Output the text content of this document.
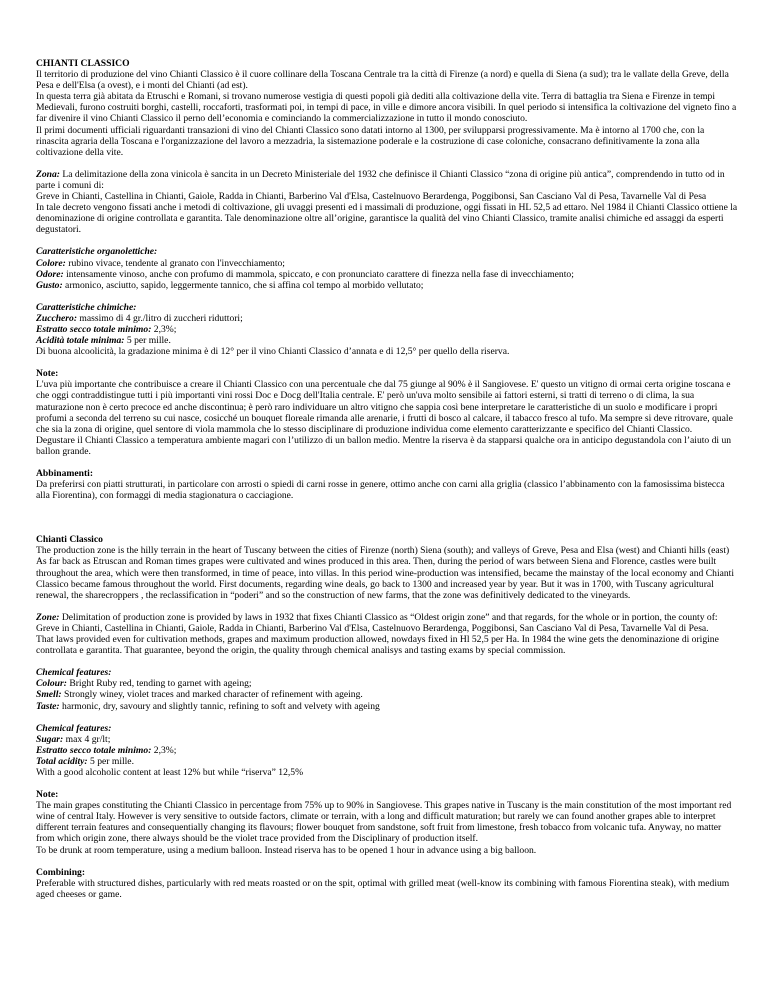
CHIANTI CLASSICO

Il territorio di produzione del vino Chianti Classico è il cuore collinare della Toscana Centrale tra la città di Firenze (a nord) e quella di Siena (a sud); tra le vallate della Greve, della Pesa e dell'Elsa (a ovest), e i monti del Chianti (ad est).

In questa terra già abitata da Etruschi e Romani, si trovano numerose vestigia di questi popoli già dediti alla coltivazione della vite. Terra di battaglia tra Siena e Firenze in tempi Medievali, furono costruiti borghi, castelli, roccaforti, trasformati poi, in tempi di pace, in ville e dimore ancora visibili. In quel periodo si intensifica la coltivazione del vigneto fino a far divenire il vino Chianti Classico il perno dell’economia e cominciando la commercializzazione in tutto il mondo conosciuto.

Il primi documenti ufficiali riguardanti transazioni di vino del Chianti Classico sono datati intorno al 1300, per svilupparsi progressivamente. Ma è intorno al 1700 che, con la rinascita agraria della Toscana e l'organizzazione del lavoro a mezzadria, la sistemazione poderale e la costruzione di case coloniche, consacrano definitivamente la zona alla coltivazione della vite.

Zona: La delimitazione della zona vinicola è sancita in un Decreto Ministeriale del 1932 che definisce il Chianti Classico “zona di origine più antica”, comprendendo in tutto od in parte i comuni di:

Greve in Chianti, Castellina in Chianti, Gaiole, Radda in Chianti, Barberino Val d'Elsa, Castelnuovo Berardenga, Poggibonsi, San Casciano Val di Pesa, Tavarnelle Val di Pesa

In tale decreto vengono fissati anche i metodi di coltivazione, gli uvaggi presenti ed i massimali di produzione, oggi fissati in HL 52,5 ad ettaro. Nel 1984 il Chianti Classico ottiene la denominazione di origine controllata e garantita. Tale denominazione oltre all’origine, garantisce la qualità del vino Chianti Classico, tramite analisi chimiche ed assaggi da esperti degustatori.

Caratteristiche organolettiche:

Colore: rubino vivace, tendente al granato con l'invecchiamento;

Odore: intensamente vinoso, anche con profumo di mammola, spiccato, e con pronunciato carattere di finezza nella fase di invecchiamento;

Gusto: armonico, asciutto, sapido, leggermente tannico, che si affina col tempo al morbido vellutato;

Caratteristiche chimiche:

Zucchero: massimo di 4 gr./litro di zuccheri riduttori;

Estratto secco totale minimo: 2,3%;

Acidità totale minima: 5 per mille.

Di buona alcoolicità, la gradazione minima è di 12° per il vino Chianti Classico d’annata e di 12,5° per quello della riserva.

Note:

L'uva più importante che contribuisce a creare il Chianti Classico con una percentuale che dal 75 giunge al 90% è il Sangiovese. E' questo un vitigno di ormai certa origine toscana e che oggi contraddistingue tutti i più importanti vini rossi Doc e Docg dell'Italia centrale. E' però un'uva molto sensibile ai fattori esterni, si tratti di terreno o di clima, la sua maturazione non è certo precoce ed anche discontinua; è però raro individuare un altro vitigno che sappia così bene interpretare le caratteristiche di un suolo e modificare i propri profumi a seconda del terreno su cui nasce, cosicché un bouquet floreale rimanda alle arenarie, i frutti di bosco al calcare, il tabacco fresco al tufo. Ma sempre si deve ritrovare, quale che sia la zona di origine, quel sentore di viola mammola che lo stesso disciplinare di produzione individua come elemento caratterizzante e specifico del Chianti Classico.

Degustare il Chianti Classico a temperatura ambiente magari con l’utilizzo di un ballon medio. Mentre la riserva è da stapparsi qualche ora in anticipo degustandola con l’aiuto di un ballon grande.

Abbinamenti:

Da preferirsi con piatti strutturati, in particolare con arrosti o spiedi di carni rosse in genere, ottimo anche con carni alla griglia (classico l’abbinamento con la famosissima bistecca alla Fiorentina), con formaggi di media stagionatura o cacciagione.

Chianti Classico

The production zone is the hilly terrain in the heart of Tuscany between the cities of Firenze (north) Siena (south); and valleys of Greve, Pesa and Elsa (west) and Chianti hills (east)

As far back as Etruscan and Roman times grapes were cultivated and wines produced in this area. Then, during the period of wars between Siena and Florence, castles were built throughout the area, which were then transformed, in time of peace, into villas. In this period wine-production was intensified, became the mainstay of the local economy and Chianti Classico became famous throughout the world. First documents, regarding wine deals, go back to 1300 and increased year by year. But it was in 1700, with Tuscany agricultural renewal, the sharecroppers , the reclassification in “poderi” and so the construction of new farms, that the zone was definitively dedicated to the vineyards.

Zone: Delimitation of production zone is provided by laws in 1932 that fixes Chianti Classico as “Oldest origin zone” and that regards, for the whole or in portion, the county of: Greve in Chianti, Castellina in Chianti, Gaiole, Radda in Chianti, Barberino Val d'Elsa, Castelnuovo Berardenga, Poggibonsi, San Casciano Val di Pesa, Tavarnelle Val di Pesa.

That laws provided even for cultivation methods, grapes and maximum production allowed, nowdays fixed in Hl 52,5 per Ha. In 1984 the wine gets the denominazione di origine controllata e garantita. That guarantee, beyond the origin, the quality through chemical analisys and tasting exams by special commission.

Chemical features:

Colour: Bright Ruby red, tending to garnet with ageing;

Smell: Strongly winey, violet traces and marked character of refinement with ageing.

Taste: harmonic, dry, savoury and slightly tannic, refining to soft and velvety with ageing

Chemical features:

Sugar: max 4 gr/lt;

Estratto secco totale minimo: 2,3%;

Total acidity: 5 per mille.

With a good alcoholic content at least 12% but while “riserva” 12,5%

Note:

The main grapes constituting the Chianti Classico in percentage from 75% up to 90% in Sangiovese. This grapes native in Tuscany is the main constitution of the most important red wine of central Italy. However is very sensitive to outside factors, climate or terrain, with a long and difficult maturation; but rarely we can found another grapes able to interpret different terrain features and consequentially changing its flavours; flower bouquet from sandstone, soft fruit from limestone, fresh tobacco from volcanic tufa. Anyway, no matter from which origin zone, there always should be the violet trace provided from the Disciplinary of production itself.

To be drunk at room temperature, using a medium balloon. Instead riserva has to be opened 1 hour in advance using a big balloon.

Combining:

Preferable with structured dishes, particularly with red meats roasted or on the spit, optimal with grilled meat (well-know its combining with famous Fiorentina steak), with medium aged cheeses or game.
